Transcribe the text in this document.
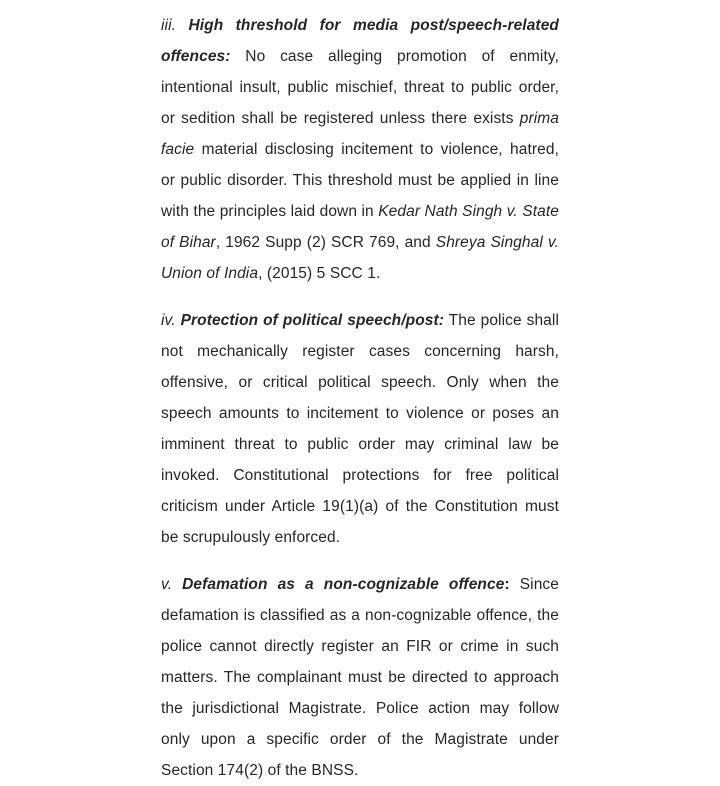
iii. High threshold for media post/speech-related offences: No case alleging promotion of enmity, intentional insult, public mischief, threat to public order, or sedition shall be registered unless there exists prima facie material disclosing incitement to violence, hatred, or public disorder. This threshold must be applied in line with the principles laid down in Kedar Nath Singh v. State of Bihar, 1962 Supp (2) SCR 769, and Shreya Singhal v. Union of India, (2015) 5 SCC 1.

iv. Protection of political speech/post: The police shall not mechanically register cases concerning harsh, offensive, or critical political speech. Only when the speech amounts to incitement to violence or poses an imminent threat to public order may criminal law be invoked. Constitutional protections for free political criticism under Article 19(1)(a) of the Constitution must be scrupulously enforced.

v. Defamation as a non-cognizable offence: Since defamation is classified as a non-cognizable offence, the police cannot directly register an FIR or crime in such matters. The complainant must be directed to approach the jurisdictional Magistrate. Police action may follow only upon a specific order of the Magistrate under Section 174(2) of the BNSS.
